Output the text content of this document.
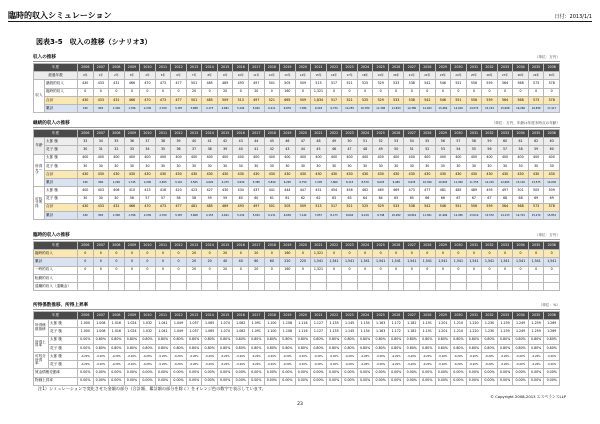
臨時的収入シミュレーション	日付：2013/1/1
図表3-5　収入の推移（シナリオ3）
収入の推移	（単位：万円）
年度		2006	2007	2008	2009	2010	2011	2012	2013	2014	2015	2016	2017	2018	2019	2020	2021	2022	2023	2024	2025	2026	2027	2028	2029	2030	2031	2032	2033	2034	2035	2036
経過年数		0年	1年	2年	3年	4年	5年	6年	7年	8年	9年	10年	11年	12年	13年	14年	15年	16年	17年	18年	19年	20年	21年	22年	23年	24年	25年	26年	27年	28年	29年	30年
収入	継続的収入	430	433	431	466	470	473	477	501	485	489	493	497	501	505	509	513	517	521	525	529	533	538	542	546	551	556	559	564	568	573	578
	臨時的収入	0	0	0	0	0	0	0	20	0	20	0	20	0	160	0	1,321	0	0	0	0	0	0	0	0	0	0	0	0	0	0	0
	合計	430	433	431	466	470	473	477	501	485	509	513	497	521	665	509	1,834	517	521	525	529	533	538	542	546	551	556	559	564	568	573	578
	累計	430	863	1,300	1,766	2,236	2,709	3,187	3,688	4,173	4,681	5,194	5,691	6,211	6,876	7,384	9,218	9,734	10,255	10,780	11,308	11,843	12,380	12,922	13,469	14,019	14,574	15,134	15,698	16,266	16,839	17,417
継続的収入の推移	（単位：万円、年齢は年度末時点の年齢）
年度		2006	2007	2008	2009	2010	2011	2012	2013	2014	2015	2016	2017	2018	2019	2020	2021	2022	2023	2024	2025	2026	2027	2028	2029	2030	2031	2032	2033	2034	2035	2036
年齢	太郎 様	33	34	35	36	37	38	39	40	41	42	43	44	45	46	47	48	49	50	51	52	53	54	55	56	57	58	59	60	61	62	63
	花子 様	30	31	32	33	34	35	36	37	38	39	40	41	42	43	44	45	46	47	48	49	50	51	52	53	54	55	56	57	58	59	60
所得カーブ	太郎 様	400	400	400	400	400	400	400	400	400	400	400	400	400	400	400	400	400	400	400	400	400	400	400	400	400	400	400	400	400	400	400
	花子 様	30	30	30	30	30	30	30	30	30	30	30	30	30	30	30	30	30	30	30	30	30	30	30	30	30	30	30	30	30	30	30
	合計	430	430	430	430	430	430	430	430	430	430	430	430	430	430	430	430	430	430	430	430	430	430	430	430	430	430	430	430	430	430	430
	累計	430	860	1,290	1,745	2,200	2,655	3,110	3,565	4,020	4,475	4,930	5,385	5,840	6,295	6,750	7,205	7,660	8,115	8,570	9,025	9,480	9,935	10,390	10,845	11,300	11,755	12,210	12,665	13,120	13,575	14,030
可処分所得	太郎 様	400	403	406	410	413	416	420	423	427	430	434	437	441	444	447	451	454	458	462	465	469	473	477	481	485	489	493	497	501	505	509
	花子 様	30	30	30	56	57	57	58	58	59	59	60	60	61	61	62	62	63	63	64	64	65	65	66	66	67	67	67	68	68	69	69
	合計	430	433	431	466	470	473	477	481	485	489	493	497	501	505	509	513	517	521	525	529	533	538	542	546	551	556	559	564	568	573	578
	累計	430	863	1,300	1,766	2,236	2,709	3,187	3,668	4,153	4,641	5,134	5,631	6,131	6,636	7,144	7,657	8,173	8,694	9,219	9,748	10,282	10,819	11,361	11,906	12,456	13,010	13,570	14,133	14,701	15,274	15,851
臨時的収入の推移	（単位：万円）
年度	2006	2007	2008	2009	2010	2011	2012	2013	2014	2015	2016	2017	2018	2019	2020	2021	2022	2023	2024	2025	2026	2027	2028	2029	2030	2031	2032	2033	2034	2035	2036
臨時的収入	0	0	0	0	0	0	0	20	0	20	0	20	0	160	0	1,321	0	0	0	0	0	0	0	0	0	0	0	0	0	0	0
累計	0	0	0	0	0	0	0	20	20	40	40	60	60	220	220	1,541	1,541	1,541	1,541	1,541	1,541	1,541	1,541	1,541	1,541	1,541	1,541	1,541	1,541	1,541	1,541
一時的収入	0	0	0	0	0	0	0	20	0	20	0	20	0	160	0	1,321	0	0	0	0	0	0	0	0	0	0	0	0	0	0	0
転勤的収入																															
退職的収入（退職金）																															
所得係数推移、所得上昇率	（単位：%）
年度		2006	2007	2008	2009	2010	2011	2012	2013	2014	2015	2016	2017	2018	2019	2020	2021	2022	2023	2024	2025	2026	2027	2028	2029	2030	2031	2032	2033	2034	2035	2036
所得係数推移	太郎 様	1.000	1.008	1.016	1.024	1.032	1.041	1.049	1.057	1.065	1.074	1.082	1.091	1.100	1.108	1.116	1.127	1.135	1.145	1.154	1.163	1.172	1.182	1.191	1.201	1.210	1.220	1.230	1.239	1.249	1.259	1.269
	花子 様	1.000	1.008	1.016	1.024	1.032	1.041	1.049	1.057	1.065	1.074	1.082	1.091	1.100	1.108	1.116	1.127	1.135	1.145	1.154	1.163	1.172	1.182	1.191	1.201	1.210	1.220	1.230	1.239	1.249	1.259	1.269
所得上昇率	太郎 様	0.00%	0.80%	0.80%	0.80%	0.80%	0.80%	0.80%	0.80%	0.80%	0.80%	0.80%	0.80%	0.80%	0.80%	0.80%	0.80%	0.80%	0.80%	0.80%	0.80%	0.80%	0.80%	0.80%	0.80%	0.80%	0.80%	0.80%	0.80%	0.80%	0.80%	0.80%
	花子 様	0.00%	0.80%	0.80%	0.80%	0.80%	0.80%	0.80%	0.80%	0.80%	0.80%	0.80%	0.80%	0.80%	0.80%	0.80%	0.80%	0.80%	0.80%	0.80%	0.80%	0.80%	0.80%	0.80%	0.80%	0.80%	0.80%	0.80%	0.80%	0.80%	0.80%	0.80%
可処分所得
率	太郎 様	-0.20%	-0.20%	-0.20%	-0.20%	-0.20%	-0.20%	-0.20%	-0.20%	-0.20%	-0.20%	-0.20%	-0.20%	-0.20%	-0.20%	-0.20%	-0.20%	-0.20%	-0.20%	-0.20%	-0.20%	-0.20%	-0.20%	-0.20%	-0.20%	-0.20%	-0.20%	-0.20%	-0.20%	-0.20%	-0.20%	-0.20%
	花子 様	-0.20%	-0.20%	-0.20%	-0.20%	-0.20%	-0.20%	-0.20%	-0.20%	-0.20%	-0.20%	-0.20%	-0.20%	-0.20%	-0.20%	-0.20%	-0.20%	-0.20%	-0.20%	-0.20%	-0.20%	-0.20%	-0.20%	-0.20%	-0.20%	-0.20%	-0.20%	-0.20%	-0.20%	-0.20%	-0.20%	-0.20%
賃金情報変動率		0.00%	0.00%	0.00%	0.00%	0.00%	0.00%	0.00%	0.00%	0.00%	0.00%	0.00%	0.00%	0.00%	0.00%	0.00%	0.00%	0.00%	0.00%	0.00%	0.00%	0.00%	0.00%	0.00%	0.00%	0.00%	0.00%	0.00%	0.00%	0.00%	0.00%	0.00%
物価上昇率		0.00%	0.00%	0.00%	0.00%	0.00%	0.00%	0.00%	0.00%	0.00%	0.00%	0.00%	0.00%	0.00%	0.00%	0.00%	0.00%	0.00%	0.00%	0.00%	0.00%	0.00%	0.00%	0.00%	0.00%	0.00%	0.00%	0.00%	0.00%	0.00%	0.00%	0.00%
注1）シミュレーションで変化させた金額の部分（合計額、累計額の部分を除く）をオレンジ色の数字で表示しています。
© Copyright 2008-2013 エスペランスLLP
23
